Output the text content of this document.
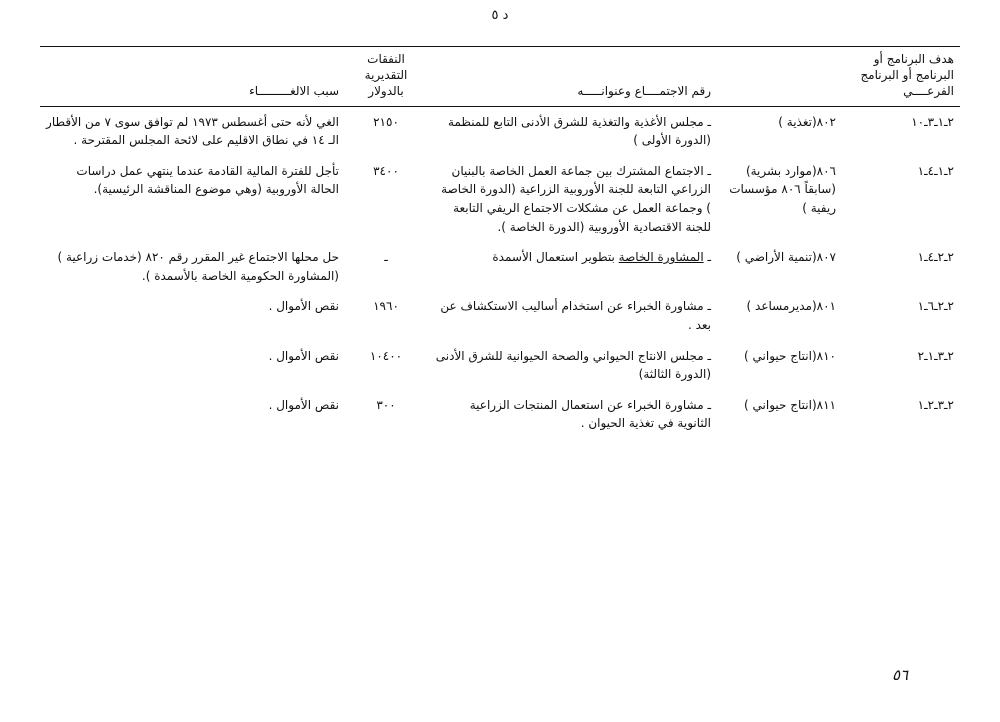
د ٥
هدف البرنامج أو البرنامج أو البرنامج الفرعــــي		رقم الاجتمــــاع وعنوانـــــه	النفقات التقديرية بالدولار	سبب الالغـــــــــاء
٢ـ١ـ٣ـ١٠	٨٠٢(تغذية )	ـ مجلس الأغذية والتغذية للشرق الأدنى التابع للمنظمة (الدورة الأولى )	٢١٥٠	الغي لأنه حتى أغسطس ١٩٧٣ لم توافق سوى ٧ من الأقطار الـ ١٤ في نطاق الاقليم على لائحة المجلس المقترحة .
٢ـ١ـ٤ـ١	٨٠٦(موارد بشرية) (سابقاً ٨٠٦ مؤسسات ريفية )	ـ الاجتماع المشترك بين جماعة العمل الخاصة بالبنيان الزراعي التابعة للجنة الأوروبية الزراعية (الدورة الخاصة ) وجماعة العمل عن مشكلات الاجتماع الريفي التابعة للجنة الاقتصادية الأوروبية (الدورة الخاصة ).	٣٤٠٠	تأجل للفترة المالية القادمة عندما ينتهي عمل دراسات الحالة الأوروبية (وهي موضوع المناقشة الرئيسية).
٢ـ٢ـ٤ـ١	٨٠٧(تنمية الأراضي )	ـ المشاورة الخاصة بتطوير استعمال الأسمدة	ـ	حل محلها الاجتماع غير المقرر رقم ٨٢٠ (خدمات زراعية ) (المشاورة الحكومية الخاصة بالأسمدة ).
٢ـ٢ـ٦ـ١	٨٠١(مديرمساعد )	ـ مشاورة الخبراء عن استخدام أساليب الاستكشاف عن بعد .	١٩٦٠	نقص الأموال .
٢ـ٣ـ١ـ٢	٨١٠(انتاج حيواني )	ـ مجلس الانتاج الحيواني والصحة الحيوانية للشرق الأدنى (الدورة الثالثة)	١٠٤٠٠	نقص الأموال .
٢ـ٣ـ٢ـ١	٨١١(انتاج حيواني )	ـ مشاورة الخبراء عن استعمال المنتجات الزراعية الثانوية في تغذية الحيوان .	٣٠٠	نقص الأموال .
٥٦
